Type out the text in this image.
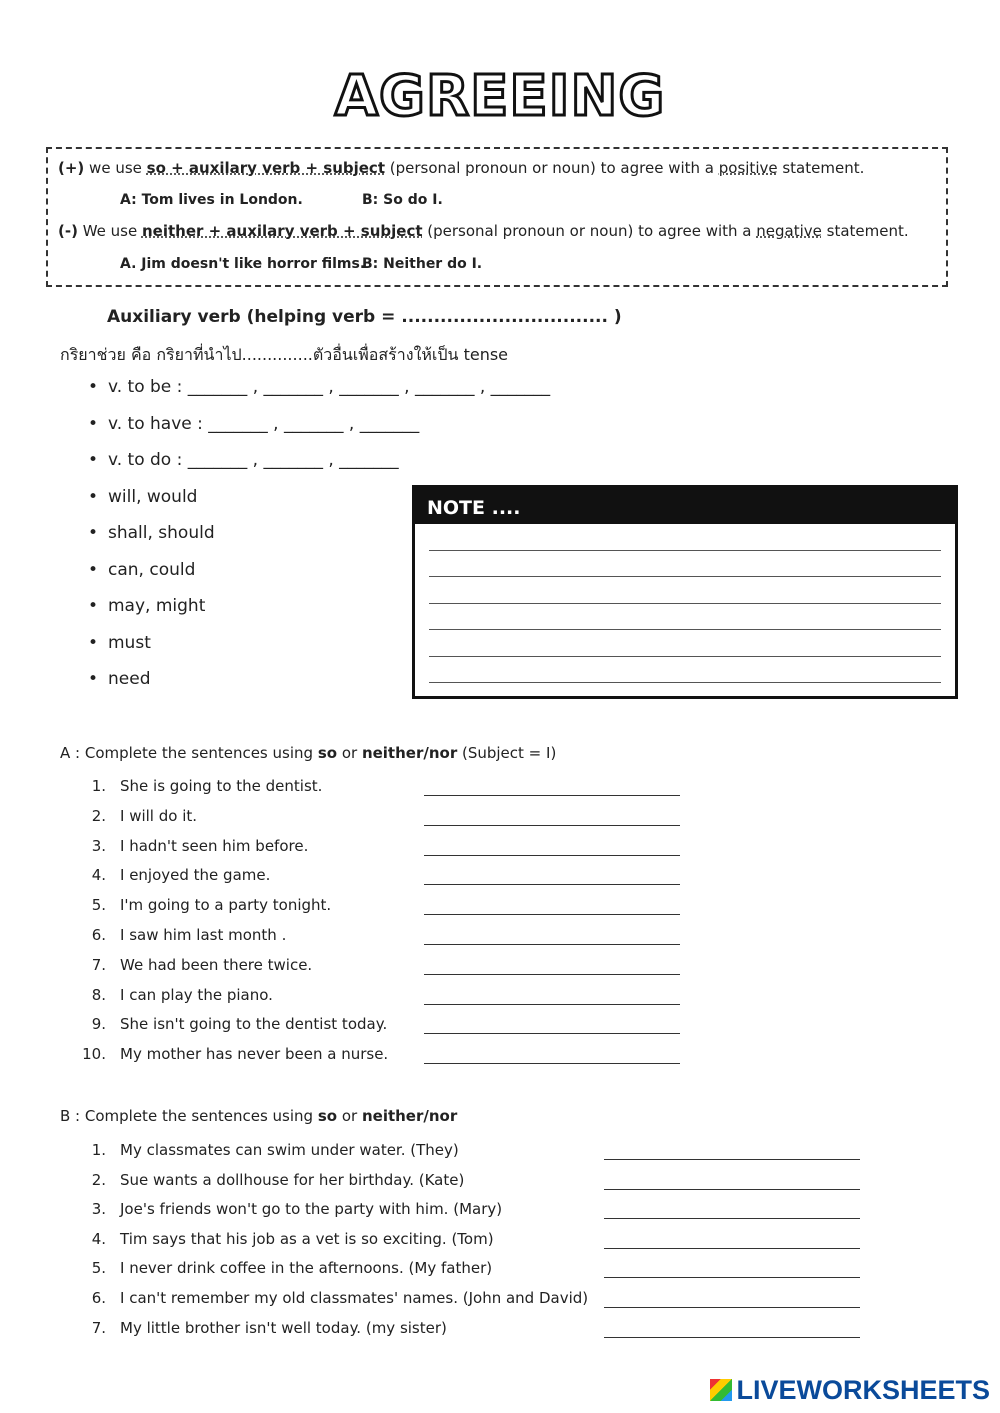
AGREEING
(+) we use so + auxilary verb + subject (personal pronoun or noun) to agree with a positive statement.
A: Tom lives in London.	B: So do I.
(-) We use neither + auxilary verb + subject (personal pronoun or noun) to agree with a negative statement.
A. Jim doesn't like horror films.
B: Neither do I.
Auxiliary verb (helping verb = ................................ )
กริยาช่วย คือ กริยาที่นำไป..............ตัวอื่นเพื่อสร้างให้เป็น tense
• v. to be : _______ , _______ , _______ , _______ , _______
• v. to have : _______ , _______ , _______
• v. to do : _______ , _______ , _______
• will, would
• shall, should
• can, could
• may, might
• must
• need
NOTE ....
A : Complete the sentences using so or neither/nor (Subject = I)
1. She is going to the dentist.
2. I will do it.
3. I hadn't seen him before.
4. I enjoyed the game.
5. I'm going to a party tonight.
6. I saw him last month .
7. We had been there twice.
8. I can play the piano.
9. She isn't going to the dentist today.
10. My mother has never been a nurse.
B : Complete the sentences using so or neither/nor
1. My classmates can swim under water. (They)
2. Sue wants a dollhouse for her birthday. (Kate)
3. Joe's friends won't go to the party with him. (Mary)
4. Tim says that his job as a vet is so exciting. (Tom)
5. I never drink coffee in the afternoons. (My father)
6. I can't remember my old classmates' names. (John and David)
7. My little brother isn't well today. (my sister)
LIVEWORKSHEETS
